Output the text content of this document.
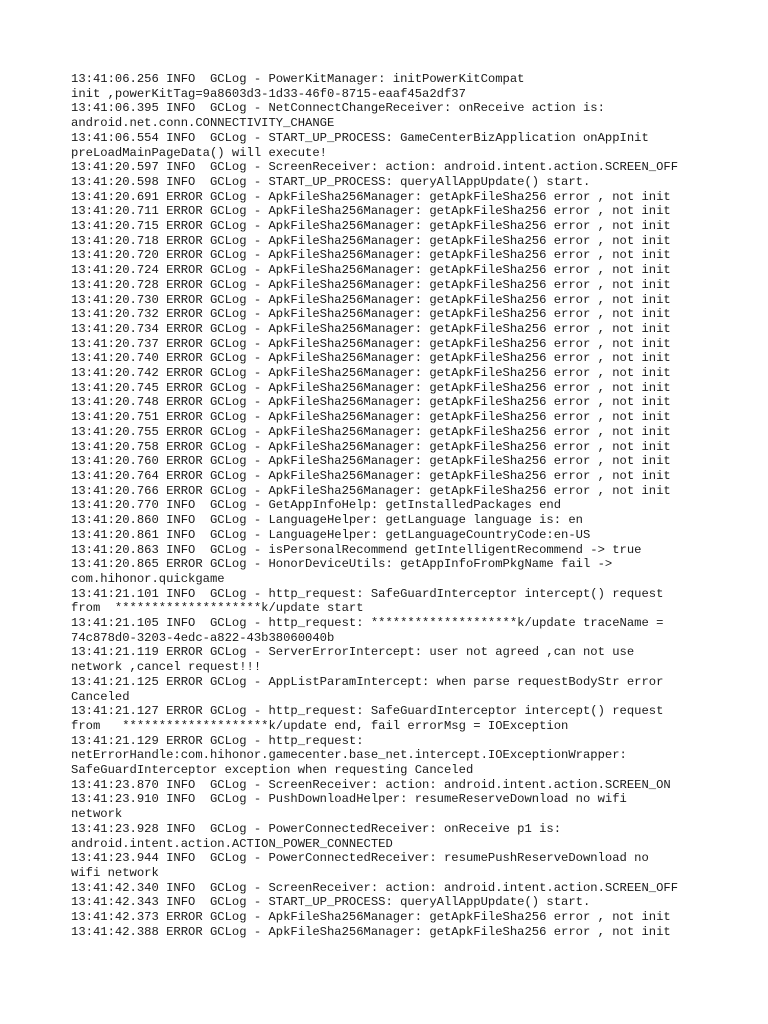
13:41:06.256 INFO  GCLog - PowerKitManager: initPowerKitCompat
init ,powerKitTag=9a8603d3-1d33-46f0-8715-eaaf45a2df37
13:41:06.395 INFO  GCLog - NetConnectChangeReceiver: onReceive action is:
android.net.conn.CONNECTIVITY_CHANGE
13:41:06.554 INFO  GCLog - START_UP_PROCESS: GameCenterBizApplication onAppInit
preLoadMainPageData() will execute!
13:41:20.597 INFO  GCLog - ScreenReceiver: action: android.intent.action.SCREEN_OFF
13:41:20.598 INFO  GCLog - START_UP_PROCESS: queryAllAppUpdate() start.
13:41:20.691 ERROR GCLog - ApkFileSha256Manager: getApkFileSha256 error , not init
13:41:20.711 ERROR GCLog - ApkFileSha256Manager: getApkFileSha256 error , not init
13:41:20.715 ERROR GCLog - ApkFileSha256Manager: getApkFileSha256 error , not init
13:41:20.718 ERROR GCLog - ApkFileSha256Manager: getApkFileSha256 error , not init
13:41:20.720 ERROR GCLog - ApkFileSha256Manager: getApkFileSha256 error , not init
13:41:20.724 ERROR GCLog - ApkFileSha256Manager: getApkFileSha256 error , not init
13:41:20.728 ERROR GCLog - ApkFileSha256Manager: getApkFileSha256 error , not init
13:41:20.730 ERROR GCLog - ApkFileSha256Manager: getApkFileSha256 error , not init
13:41:20.732 ERROR GCLog - ApkFileSha256Manager: getApkFileSha256 error , not init
13:41:20.734 ERROR GCLog - ApkFileSha256Manager: getApkFileSha256 error , not init
13:41:20.737 ERROR GCLog - ApkFileSha256Manager: getApkFileSha256 error , not init
13:41:20.740 ERROR GCLog - ApkFileSha256Manager: getApkFileSha256 error , not init
13:41:20.742 ERROR GCLog - ApkFileSha256Manager: getApkFileSha256 error , not init
13:41:20.745 ERROR GCLog - ApkFileSha256Manager: getApkFileSha256 error , not init
13:41:20.748 ERROR GCLog - ApkFileSha256Manager: getApkFileSha256 error , not init
13:41:20.751 ERROR GCLog - ApkFileSha256Manager: getApkFileSha256 error , not init
13:41:20.755 ERROR GCLog - ApkFileSha256Manager: getApkFileSha256 error , not init
13:41:20.758 ERROR GCLog - ApkFileSha256Manager: getApkFileSha256 error , not init
13:41:20.760 ERROR GCLog - ApkFileSha256Manager: getApkFileSha256 error , not init
13:41:20.764 ERROR GCLog - ApkFileSha256Manager: getApkFileSha256 error , not init
13:41:20.766 ERROR GCLog - ApkFileSha256Manager: getApkFileSha256 error , not init
13:41:20.770 INFO  GCLog - GetAppInfoHelp: getInstalledPackages end
13:41:20.860 INFO  GCLog - LanguageHelper: getLanguage language is: en
13:41:20.861 INFO  GCLog - LanguageHelper: getLanguageCountryCode:en-US
13:41:20.863 INFO  GCLog - isPersonalRecommend getIntelligentRecommend -> true
13:41:20.865 ERROR GCLog - HonorDeviceUtils: getAppInfoFromPkgName fail ->
com.hihonor.quickgame
13:41:21.101 INFO  GCLog - http_request: SafeGuardInterceptor intercept() request
from  ********************k/update start
13:41:21.105 INFO  GCLog - http_request: ********************k/update traceName =
74c878d0-3203-4edc-a822-43b38060040b
13:41:21.119 ERROR GCLog - ServerErrorIntercept: user not agreed ,can not use
network ,cancel request!!!
13:41:21.125 ERROR GCLog - AppListParamIntercept: when parse requestBodyStr error
Canceled
13:41:21.127 ERROR GCLog - http_request: SafeGuardInterceptor intercept() request
from   ********************k/update end, fail errorMsg = IOException
13:41:21.129 ERROR GCLog - http_request:
netErrorHandle:com.hihonor.gamecenter.base_net.intercept.IOExceptionWrapper:
SafeGuardInterceptor exception when requesting Canceled
13:41:23.870 INFO  GCLog - ScreenReceiver: action: android.intent.action.SCREEN_ON
13:41:23.910 INFO  GCLog - PushDownloadHelper: resumeReserveDownload no wifi
network
13:41:23.928 INFO  GCLog - PowerConnectedReceiver: onReceive p1 is:
android.intent.action.ACTION_POWER_CONNECTED
13:41:23.944 INFO  GCLog - PowerConnectedReceiver: resumePushReserveDownload no
wifi network
13:41:42.340 INFO  GCLog - ScreenReceiver: action: android.intent.action.SCREEN_OFF
13:41:42.343 INFO  GCLog - START_UP_PROCESS: queryAllAppUpdate() start.
13:41:42.373 ERROR GCLog - ApkFileSha256Manager: getApkFileSha256 error , not init
13:41:42.388 ERROR GCLog - ApkFileSha256Manager: getApkFileSha256 error , not init
